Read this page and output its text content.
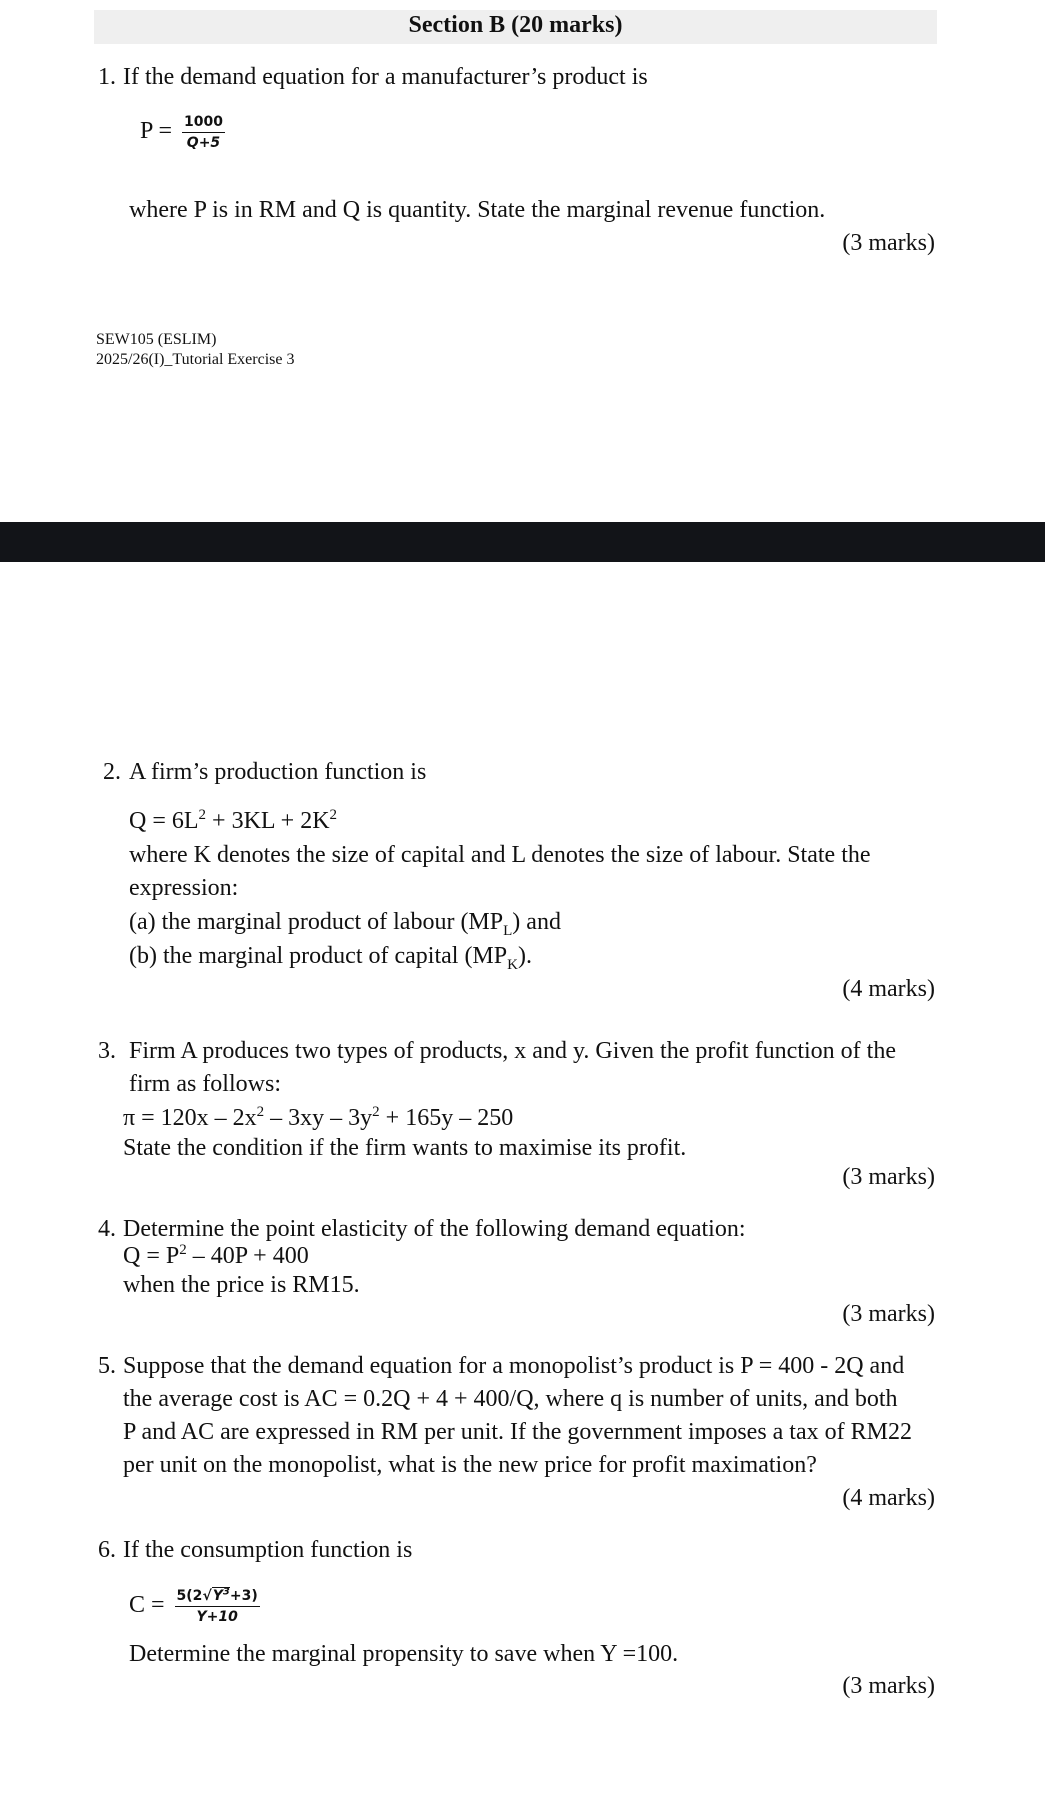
Section B (20 marks)
1. If the demand equation for a manufacturer’s product is
$P = \frac{1000}{Q+5}$
where P is in RM and Q is quantity. State the marginal revenue function.
(3 marks)
SEW105 (ESLIM)
2025/26(I)_Tutorial Exercise 3
2. A firm’s production function is
$Q = 6L^2 + 3KL + 2K^2$
where K denotes the size of capital and L denotes the size of labour. State the
expression:
(a) the marginal product of labour $(MP_L)$ and
(b) the marginal product of capital $(MP_K)$.
(4 marks)
3. Firm A produces two types of products, x and y. Given the profit function of the
firm as follows:
$\pi = 120x - 2x^2 - 3xy - 3y^2 + 165y - 250$
State the condition if the firm wants to maximise its profit.
(3 marks)
4. Determine the point elasticity of the following demand equation:
$Q = P^2 - 40P + 400$
when the price is RM15.
(3 marks)
5. Suppose that the demand equation for a monopolist’s product is P = 400 - 2Q and
the average cost is AC = 0.2Q + 4 + 400/Q, where q is number of units, and both
P and AC are expressed in RM per unit. If the government imposes a tax of RM22
per unit on the monopolist, what is the new price for profit maximation?
(4 marks)
6. If the consumption function is
$C = \frac{5(2√Y^3+3)}{Y+10}$
Determine the marginal propensity to save when Y =100.
(3 marks)
